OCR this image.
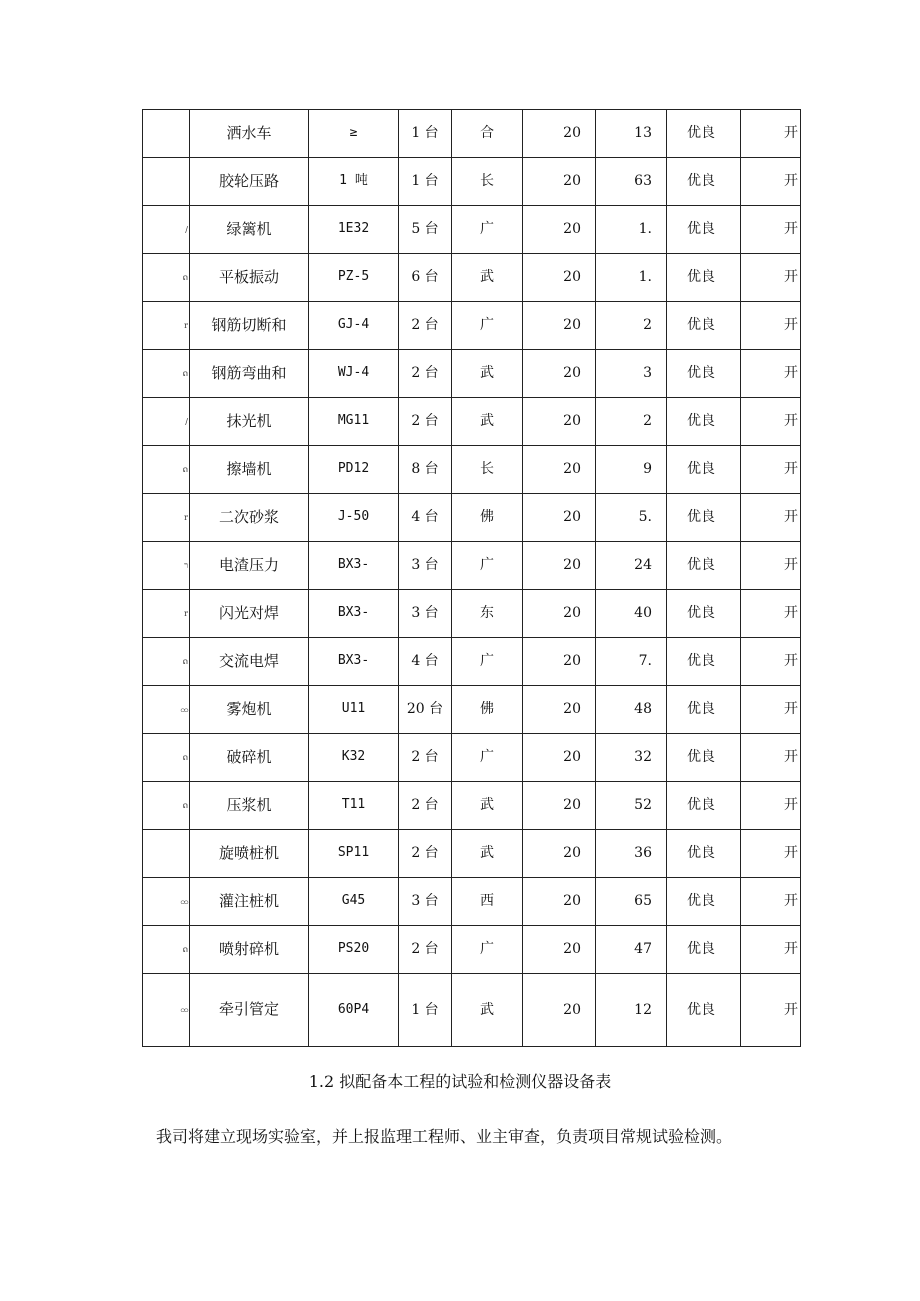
	洒水车	≥	1 台	合	20	13	优良	开
	胶轮压路	1 吨	1 台	长	20	63	优良	开
/	绿篱机	1E32	5 台	广	20	1.	优良	开
ດ	平板振动	PZ-5	6 台	武	20	1.	优良	开
r	钢筋切断和	GJ-4	2 台	广	20	2	优良	开
ດ	钢筋弯曲和	WJ-4	2 台	武	20	3	优良	开
/	抹光机	MG11	2 台	武	20	2	优良	开
ດ	擦墙机	PD12	8 台	长	20	9	优良	开
r	二次砂浆	J-50	4 台	佛	20	5.	优良	开
ר	电渣压力	BX3-	3 台	广	20	24	优良	开
r	闪光对焊	BX3-	3 台	东	20	40	优良	开
ດ	交流电焊	BX3-	4 台	广	20	7.	优良	开
ထ	雾炮机	U11	20 台	佛	20	48	优良	开
ດ	破碎机	K32	2 台	广	20	32	优良	开
ດ	压浆机	T11	2 台	武	20	52	优良	开
	旋喷桩机	SP11	2 台	武	20	36	优良	开
ထ	灌注桩机	G45	3 台	西	20	65	优良	开
ດ	喷射碎机	PS20	2 台	广	20	47	优良	开
ထ	牵引管定	60P4	1 台	武	20	12	优良	开
1.2 拟配备本工程的试验和检测仪器设备表
我司将建立现场实验室，并上报监理工程师、业主审查，负责项目常规试验检测。
